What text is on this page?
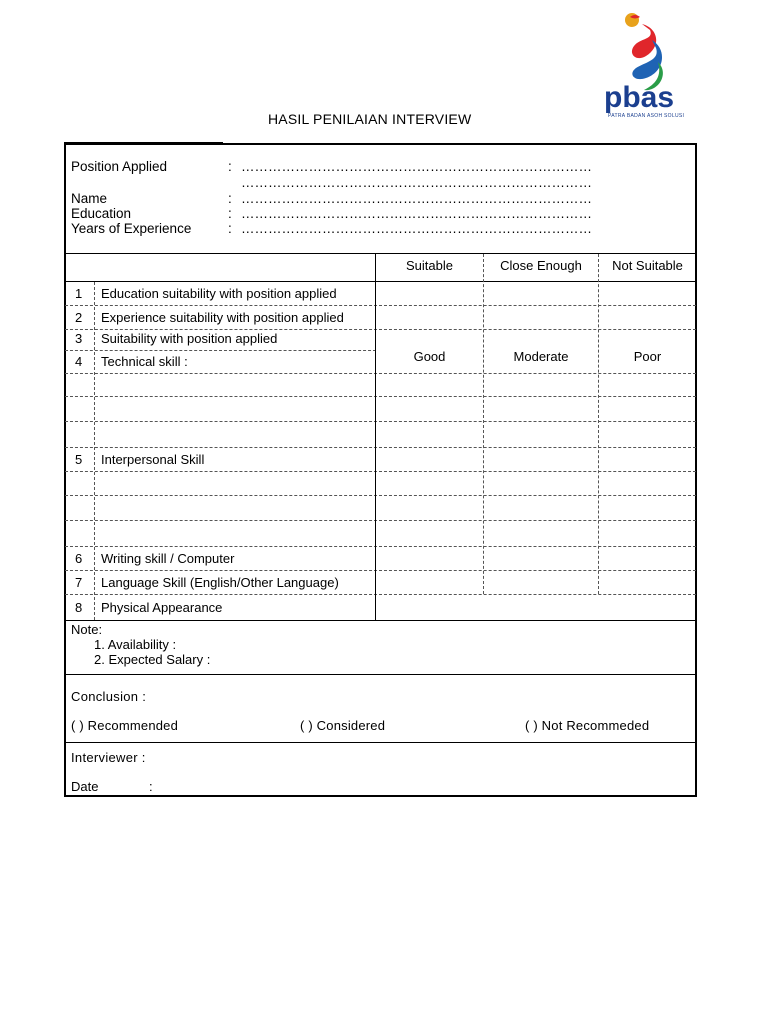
pbas
PATRA BADAN ASOH SOLUSI
HASIL PENILAIAN INTERVIEW
Position Applied	: ……………………………………………………………………
……………………………………………………………………
Name	: ……………………………………………………………………
Education	: ……………………………………………………………………
Years of Experience	: ……………………………………………………………………
Suitable	Close Enough	Not Suitable
Good	Moderate	Poor
1 Education suitability with position applied
2 Experience suitability with position applied
3 Suitability with position applied
4 Technical skill :
5 Interpersonal Skill
6 Writing skill / Computer
7 Language Skill (English/Other Language)
8 Physical Appearance
Note:
1. Availability :
2. Expected Salary :
Conclusion :
( ) Recommended	( ) Considered	( ) Not Recommeded
Interviewer :
Date	:
